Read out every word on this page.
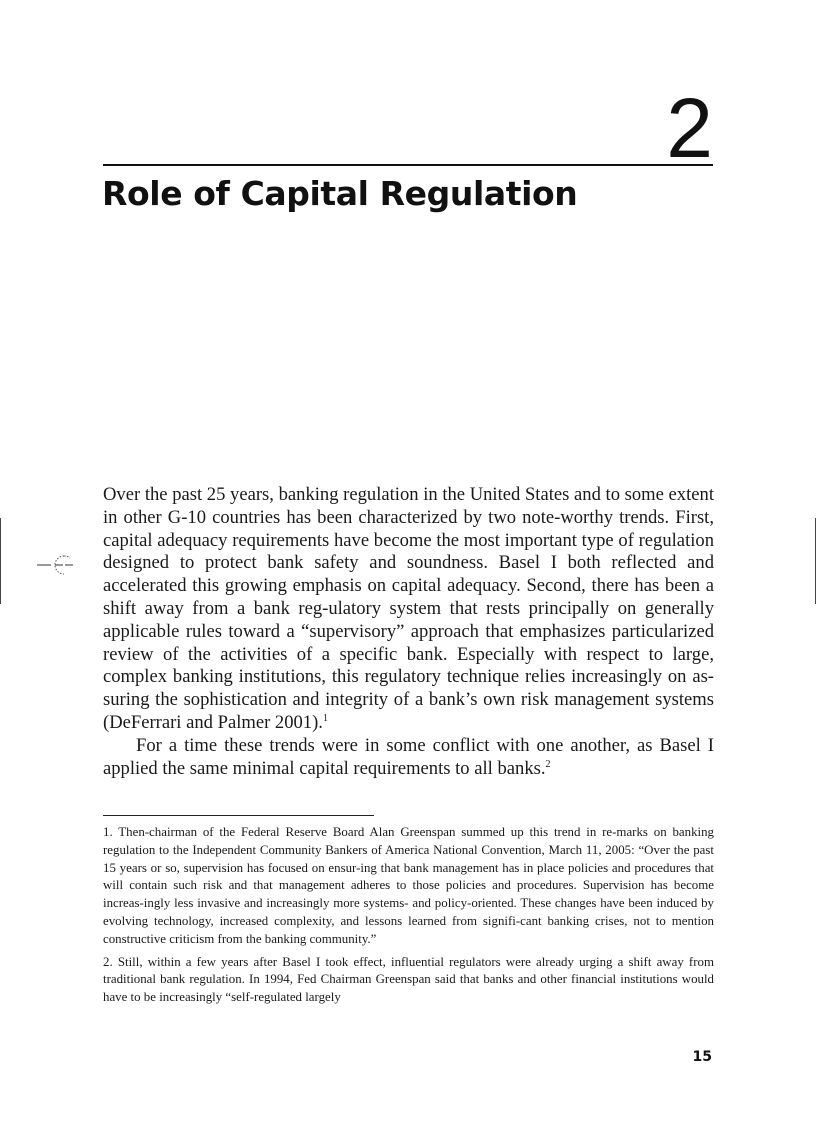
2
Role of Capital Regulation

Over the past 25 years, banking regulation in the United States and to some extent in other G-10 countries has been characterized by two note-worthy trends. First, capital adequacy requirements have become the most important type of regulation designed to protect bank safety and soundness. Basel I both reflected and accelerated this growing emphasis on capital adequacy. Second, there has been a shift away from a bank reg-ulatory system that rests principally on generally applicable rules toward a “supervisory” approach that emphasizes particularized review of the activities of a specific bank. Especially with respect to large, complex banking institutions, this regulatory technique relies increasingly on as-suring the sophistication and integrity of a bank’s own risk management systems (DeFerrari and Palmer 2001).$^1$

For a time these trends were in some conflict with one another, as Basel I applied the same minimal capital requirements to all banks.$^2$

1. Then-chairman of the Federal Reserve Board Alan Greenspan summed up this trend in re-marks on banking regulation to the Independent Community Bankers of America National Convention, March 11, 2005: “Over the past 15 years or so, supervision has focused on ensur-ing that bank management has in place policies and procedures that will contain such risk and that management adheres to those policies and procedures. Supervision has become increas-ingly less invasive and increasingly more systems- and policy-oriented. These changes have been induced by evolving technology, increased complexity, and lessons learned from signifi-cant banking crises, not to mention constructive criticism from the banking community.”

2. Still, within a few years after Basel I took effect, influential regulators were already urging a shift away from traditional bank regulation. In 1994, Fed Chairman Greenspan said that banks and other financial institutions would have to be increasingly “self-regulated largely

15
